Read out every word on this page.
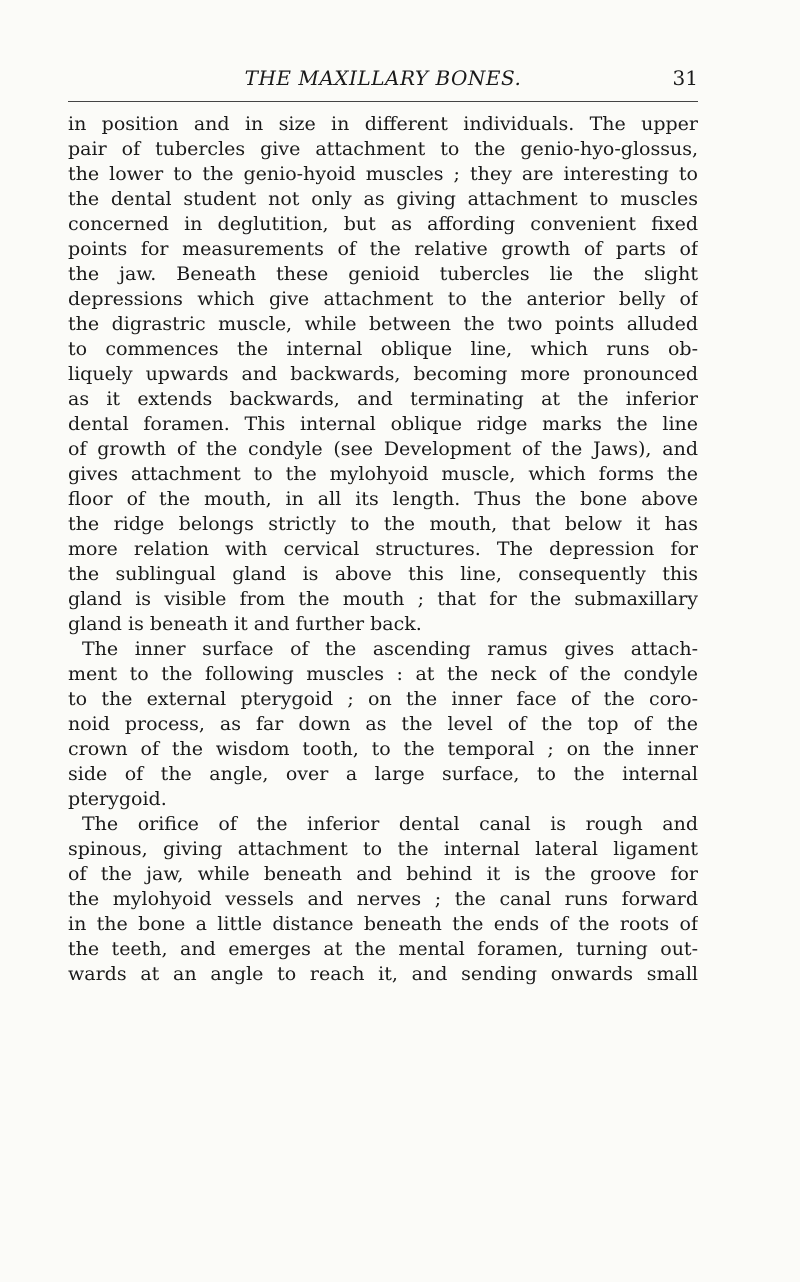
THE MAXILLARY BONES.	31
in position and in size in different individuals. The upper
pair of tubercles give attachment to the genio-hyo-glossus,
the lower to the genio-hyoid muscles ; they are interesting to
the dental student not only as giving attachment to muscles
concerned in deglutition, but as affording convenient fixed
points for measurements of the relative growth of parts of
the jaw. Beneath these genioid tubercles lie the slight
depressions which give attachment to the anterior belly of
the digrastric muscle, while between the two points alluded
to commences the internal oblique line, which runs ob-
liquely upwards and backwards, becoming more pronounced
as it extends backwards, and terminating at the inferior
dental foramen. This internal oblique ridge marks the line
of growth of the condyle (see Development of the Jaws), and
gives attachment to the mylohyoid muscle, which forms the
floor of the mouth, in all its length. Thus the bone above
the ridge belongs strictly to the mouth, that below it has
more relation with cervical structures. The depression for
the sublingual gland is above this line, consequently this
gland is visible from the mouth ; that for the submaxillary
gland is beneath it and further back.
The inner surface of the ascending ramus gives attach-
ment to the following muscles : at the neck of the condyle
to the external pterygoid ; on the inner face of the coro-
noid process, as far down as the level of the top of the
crown of the wisdom tooth, to the temporal ; on the inner
side of the angle, over a large surface, to the internal
pterygoid.
The orifice of the inferior dental canal is rough and
spinous, giving attachment to the internal lateral ligament
of the jaw, while beneath and behind it is the groove for
the mylohyoid vessels and nerves ; the canal runs forward
in the bone a little distance beneath the ends of the roots of
the teeth, and emerges at the mental foramen, turning out-
wards at an angle to reach it, and sending onwards small
